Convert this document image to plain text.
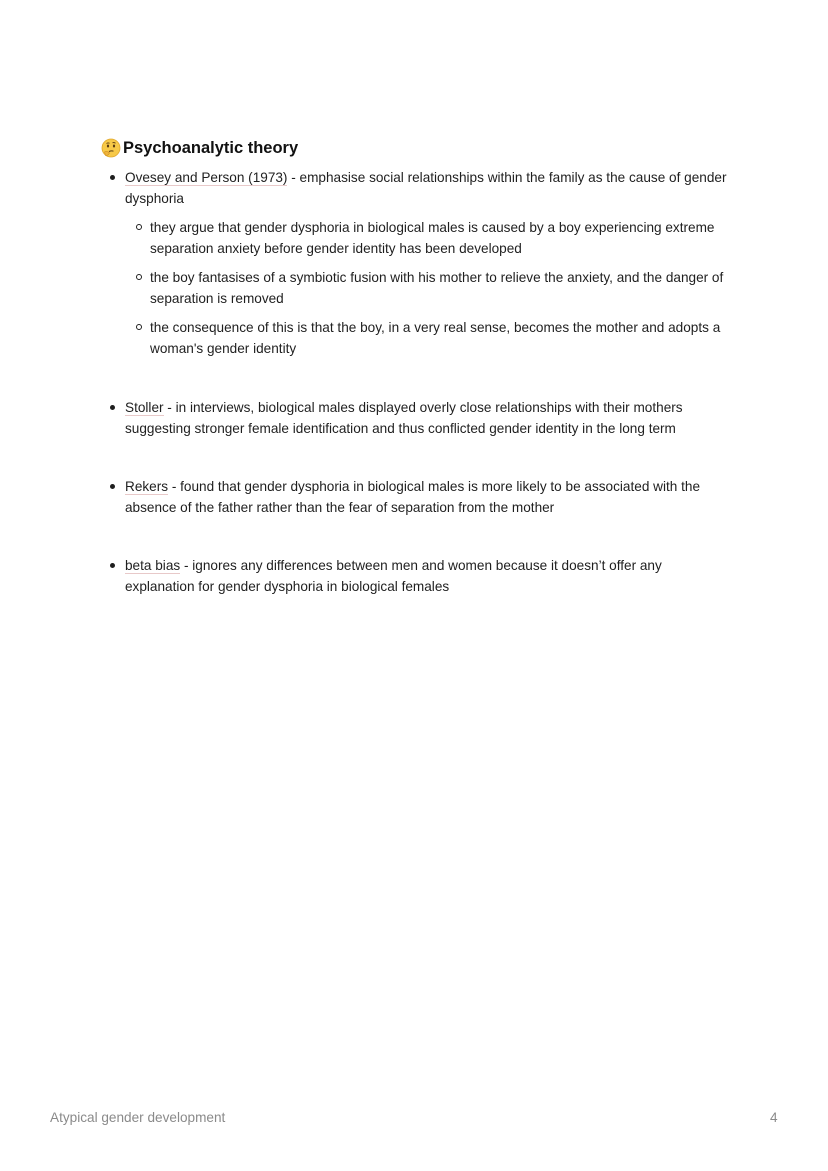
Psychoanalytic theory
Ovesey and Person (1973) - emphasise social relationships within the family as the cause of gender dysphoria
they argue that gender dysphoria in biological males is caused by a boy experiencing extreme separation anxiety before gender identity has been developed
the boy fantasises of a symbiotic fusion with his mother to relieve the anxiety, and the danger of separation is removed
the consequence of this is that the boy, in a very real sense, becomes the mother and adopts a woman's gender identity
Stoller - in interviews, biological males displayed overly close relationships with their mothers suggesting stronger female identification and thus conflicted gender identity in the long term
Rekers - found that gender dysphoria in biological males is more likely to be associated with the absence of the father rather than the fear of separation from the mother
beta bias - ignores any differences between men and women because it doesn’t offer any explanation for gender dysphoria in biological females
Atypical gender development	4
